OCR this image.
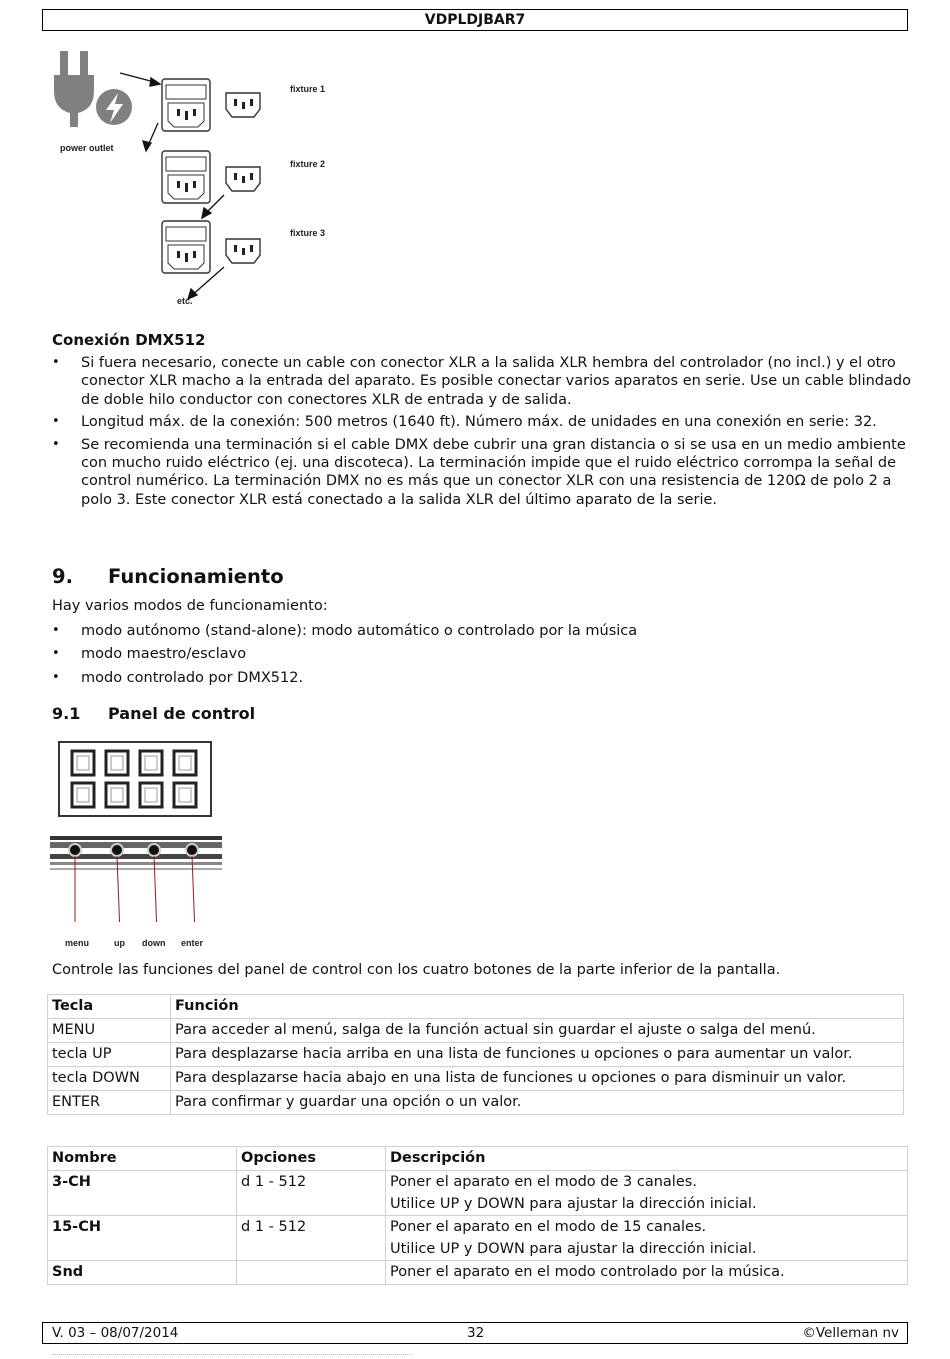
VDPLDJBAR7
power outlet
fixture 1
fixture 2
fixture 3
etc.
Conexión DMX512
• Si fuera necesario, conecte un cable con conector XLR a la salida XLR hembra del controlador (no incl.) y el otro conector XLR macho a la entrada del aparato. Es posible conectar varios aparatos en serie. Use un cable blindado de doble hilo conductor con conectores XLR de entrada y de salida.
• Longitud máx. de la conexión: 500 metros (1640 ft). Número máx. de unidades en una conexión en serie: 32.
• Se recomienda una terminación si el cable DMX debe cubrir una gran distancia o si se usa en un medio ambiente con mucho ruido eléctrico (ej. una discoteca). La terminación impide que el ruido eléctrico corrompa la señal de control numérico. La terminación DMX no es más que un conector XLR con una resistencia de 120Ω de polo 2 a polo 3. Este conector XLR está conectado a la salida XLR del último aparato de la serie.
9. Funcionamiento
Hay varios modos de funcionamiento:
• modo autónomo (stand-alone): modo automático o controlado por la música
• modo maestro/esclavo
• modo controlado por DMX512.
9.1 Panel de control
menu	up down enter
Controle las funciones del panel de control con los cuatro botones de la parte inferior de la pantalla.
Tecla	Función
MENU	Para acceder al menú, salga de la función actual sin guardar el ajuste o salga del menú.
tecla UP	Para desplazarse hacia arriba en una lista de funciones u opciones o para aumentar un valor.
tecla DOWN	Para desplazarse hacia abajo en una lista de funciones u opciones o para disminuir un valor.
ENTER	Para confirmar y guardar una opción o un valor.
Nombre	Opciones	Descripción
3-CH	d 1 - 512	Poner el aparato en el modo de 3 canales.
Utilice UP y DOWN para ajustar la dirección inicial.

15-CH	d 1 - 512	Poner el aparato en el modo de 15 canales.
Utilice UP y DOWN para ajustar la dirección inicial.

Snd		Poner el aparato en el modo controlado por la música.
V. 03 – 08/07/2014	32	©Velleman nv
